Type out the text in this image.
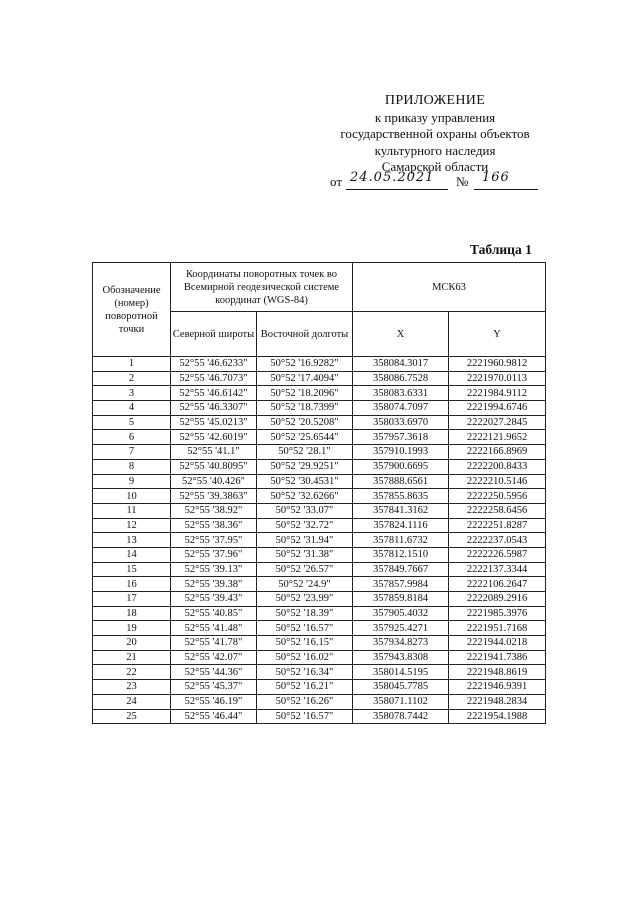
ПРИЛОЖЕНИЕ
к приказу управления
государственной охраны объектов
культурного наследия
Самарской области
от 24.05.2021 № 166
Таблица 1
Обозначение (номер) поворотной точки	Координаты поворотных точек во Всемирной геодезической системе координат (WGS-84)		МСК63	
	Северной широты	Восточной долготы	X	Y
1	52°55 '46.6233"	50°52 '16.9282"	358084.3017	2221960.9812
2	52°55 '46.7073"	50°52 '17.4094"	358086.7528	2221970.0113
3	52°55 '46.6142"	50°52 '18.2096"	358083.6331	2221984.9112
4	52°55 '46.3307"	50°52 '18.7399"	358074.7097	2221994.6746
5	52°55 '45.0213"	50°52 '20.5208"	358033.6970	2222027.2845
6	52°55 '42.6019"	50°52 '25.6544"	357957.3618	2222121.9652
7	52°55 '41.1"	50°52 '28.1"	357910.1993	2222166.8969
8	52°55 '40.8095"	50°52 '29.9251"	357900.6695	2222200.8433
9	52°55 '40.426"	50°52 '30.4531"	357888.6561	2222210.5146
10	52°55 '39.3863"	50°52 '32.6266"	357855.8635	2222250.5956
11	52°55 '38.92"	50°52 '33.07"	357841.3162	2222258.6456
12	52°55 '38.36"	50°52 '32.72"	357824.1116	2222251.8287
13	52°55 '37.95"	50°52 '31.94"	357811.6732	2222237.0543
14	52°55 '37.96"	50°52 '31.38"	357812.1510	2222226.5987
15	52°55 '39.13"	50°52 '26.57"	357849.7667	2222137.3344
16	52°55 '39.38"	50°52 '24.9"	357857.9984	2222106.2647
17	52°55 '39.43"	50°52 '23.99"	357859.8184	2222089.2916
18	52°55 '40.85"	50°52 '18.39"	357905.4032	2221985.3976
19	52°55 '41.48"	50°52 '16.57"	357925.4271	2221951.7168
20	52°55 '41.78"	50°52 '16.15"	357934.8273	2221944.0218
21	52°55 '42.07"	50°52 '16.02"	357943.8308	2221941.7386
22	52°55 '44.36"	50°52 '16.34"	358014.5195	2221948.8619
23	52°55 '45.37"	50°52 '16.21"	358045.7785	2221946.9391
24	52°55 '46.19"	50°52 '16.26"	358071.1102	2221948.2834
25	52°55 '46.44"	50°52 '16.57"	358078.7442	2221954.1988
